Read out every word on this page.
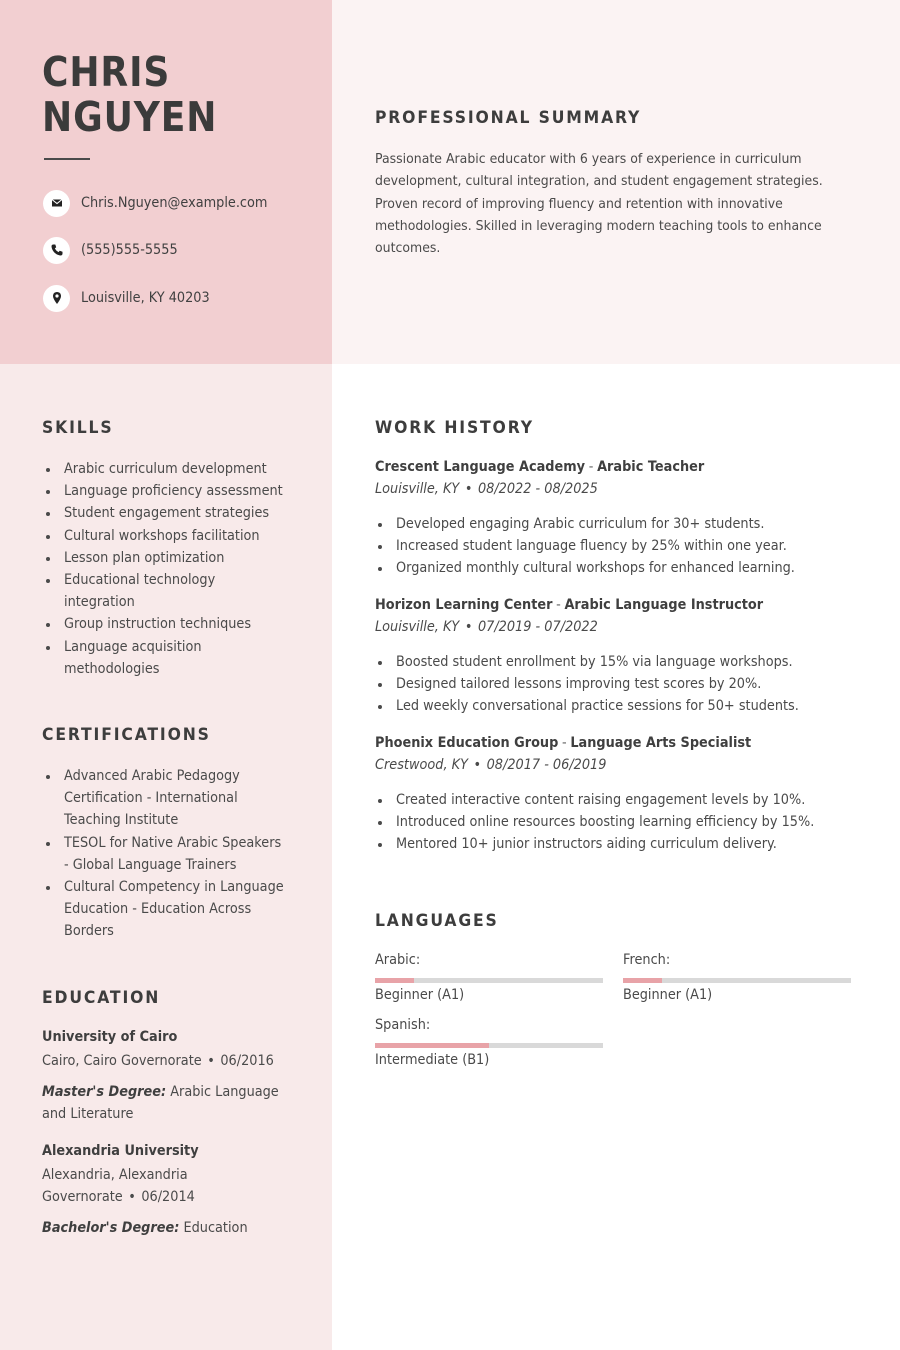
CHRIS
NGUYEN
Chris.Nguyen@example.com
(555)555-5555
Louisville, KY 40203
PROFESSIONAL SUMMARY
Passionate Arabic educator with 6 years of experience in curriculum development, cultural integration, and student engagement strategies. Proven record of improving fluency and retention with innovative methodologies. Skilled in leveraging modern teaching tools to enhance outcomes.
SKILLS
Arabic curriculum development
Language proficiency assessment
Student engagement strategies
Cultural workshops facilitation
Lesson plan optimization
Educational technology integration
Group instruction techniques
Language acquisition methodologies
CERTIFICATIONS
Advanced Arabic Pedagogy Certification - International Teaching Institute
TESOL for Native Arabic Speakers - Global Language Trainers
Cultural Competency in Language Education - Education Across Borders
EDUCATION
University of Cairo
Cairo, Cairo Governorate • 06/2016
Master's Degree: Arabic Language and Literature
Alexandria University
Alexandria, Alexandria Governorate • 06/2014
Bachelor's Degree: Education
WORK HISTORY
Crescent Language Academy - Arabic Teacher
Louisville, KY • 08/2022 - 08/2025
Developed engaging Arabic curriculum for 30+ students.
Increased student language fluency by 25% within one year.
Organized monthly cultural workshops for enhanced learning.
Horizon Learning Center - Arabic Language Instructor
Louisville, KY • 07/2019 - 07/2022
Boosted student enrollment by 15% via language workshops.
Designed tailored lessons improving test scores by 20%.
Led weekly conversational practice sessions for 50+ students.
Phoenix Education Group - Language Arts Specialist
Crestwood, KY • 08/2017 - 06/2019
Created interactive content raising engagement levels by 10%.
Introduced online resources boosting learning efficiency by 15%.
Mentored 10+ junior instructors aiding curriculum delivery.
LANGUAGES
Arabic:
Beginner (A1)
French:
Beginner (A1)
Spanish:
Intermediate (B1)
